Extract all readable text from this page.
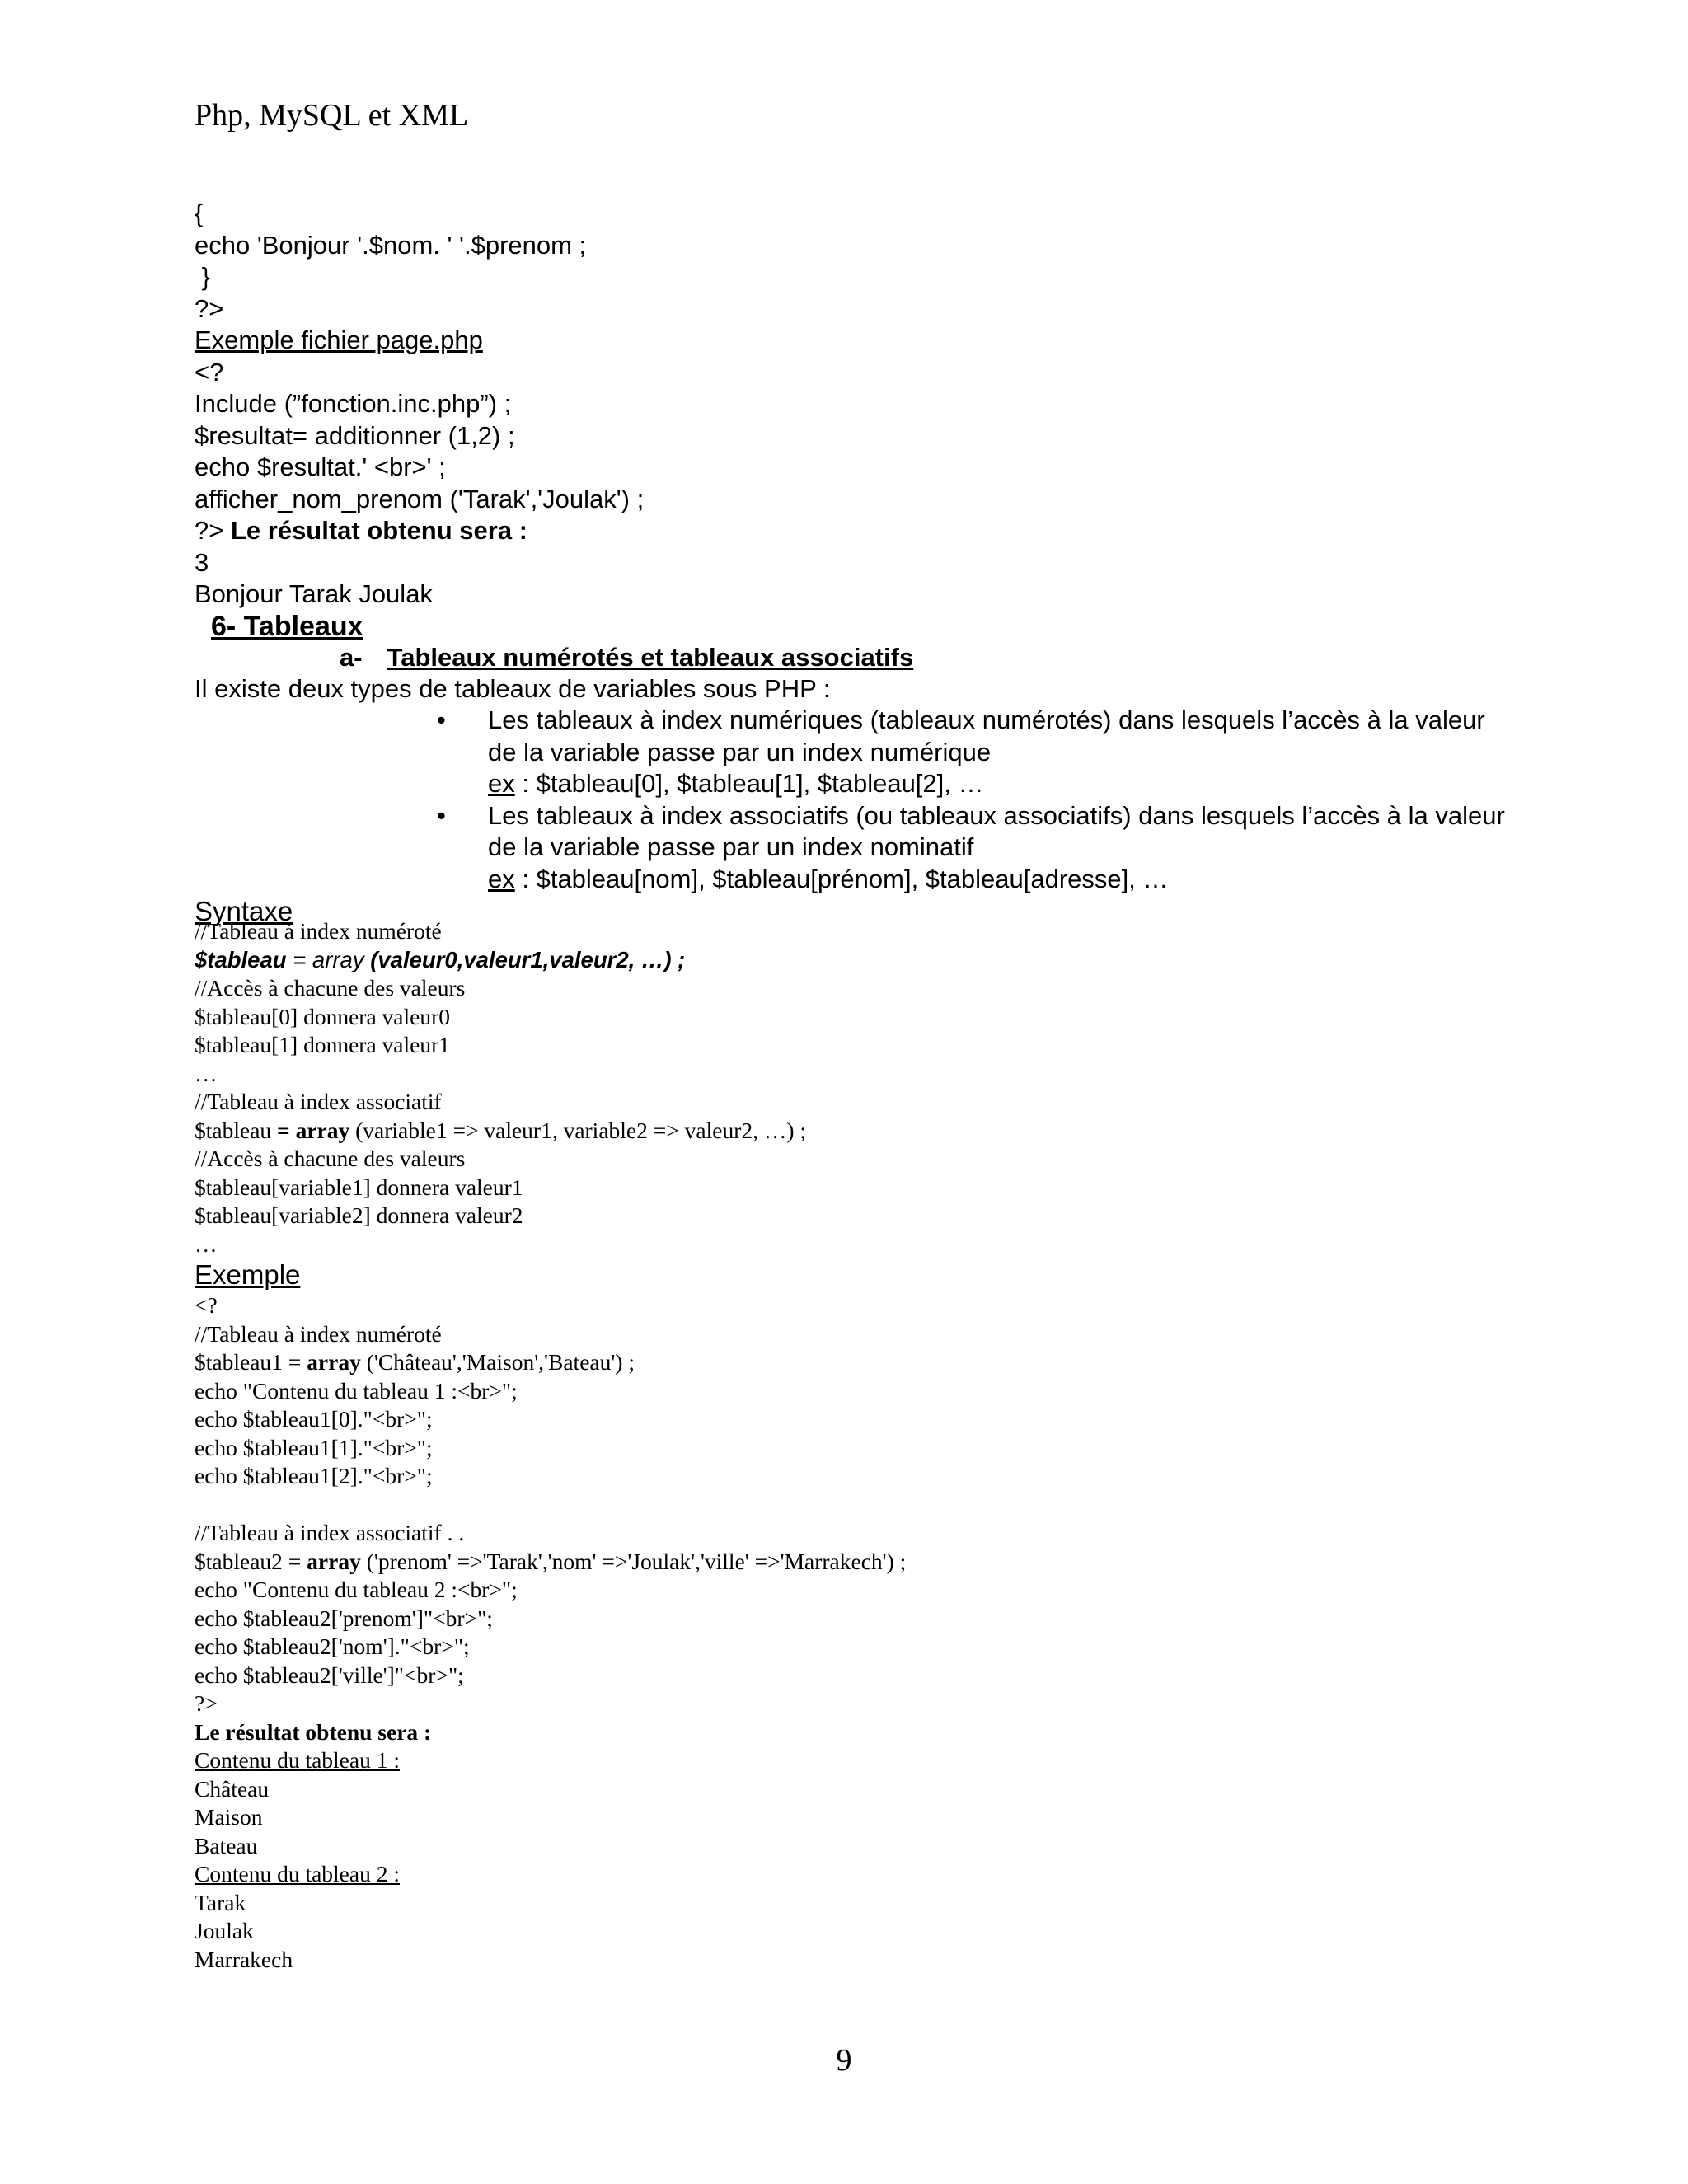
Php, MySQL et XML
{
echo 'Bonjour '.$nom. ' '.$prenom ;
}
?>
Exemple fichier page.php
<?
Include (”fonction.inc.php”) ;
$resultat= additionner (1,2) ;
echo $resultat.' <br>' ;
afficher_nom_prenom ('Tarak','Joulak') ;
?> Le résultat obtenu sera :
3
Bonjour Tarak Joulak
6- Tableaux
a- Tableaux numérotés et tableaux associatifs
Il existe deux types de tableaux de variables sous PHP :
• Les tableaux à index numériques (tableaux numérotés) dans lesquels l’accès à la valeur de la variable passe par un index numérique
ex : $tableau[0], $tableau[1], $tableau[2], …
• Les tableaux à index associatifs (ou tableaux associatifs) dans lesquels l’accès à la valeur de la variable passe par un index nominatif
ex : $tableau[nom], $tableau[prénom], $tableau[adresse], …
Syntaxe
//Tableau à index numéroté
$tableau = array (valeur0,valeur1,valeur2, …) ;
//Accès à chacune des valeurs
$tableau[0] donnera valeur0
$tableau[1] donnera valeur1
…
//Tableau à index associatif
$tableau = array (variable1 => valeur1, variable2 => valeur2, …) ;
//Accès à chacune des valeurs
$tableau[variable1] donnera valeur1
$tableau[variable2] donnera valeur2
…
Exemple
<?
//Tableau à index numéroté
$tableau1 = array ('Château','Maison','Bateau') ;
echo "Contenu du tableau 1 :<br>";
echo $tableau1[0]."<br>";
echo $tableau1[1]."<br>";
echo $tableau1[2]."<br>";
//Tableau à index associatif . .
$tableau2 = array ('prenom' =>'Tarak','nom' =>'Joulak','ville' =>'Marrakech') ;
echo "Contenu du tableau 2 :<br>";
echo $tableau2['prenom']"<br>";
echo $tableau2['nom']."<br>";
echo $tableau2['ville']"<br>";
?>
Le résultat obtenu sera :
Contenu du tableau 1 :
Château
Maison
Bateau
Contenu du tableau 2 :
Tarak
Joulak
Marrakech
9
